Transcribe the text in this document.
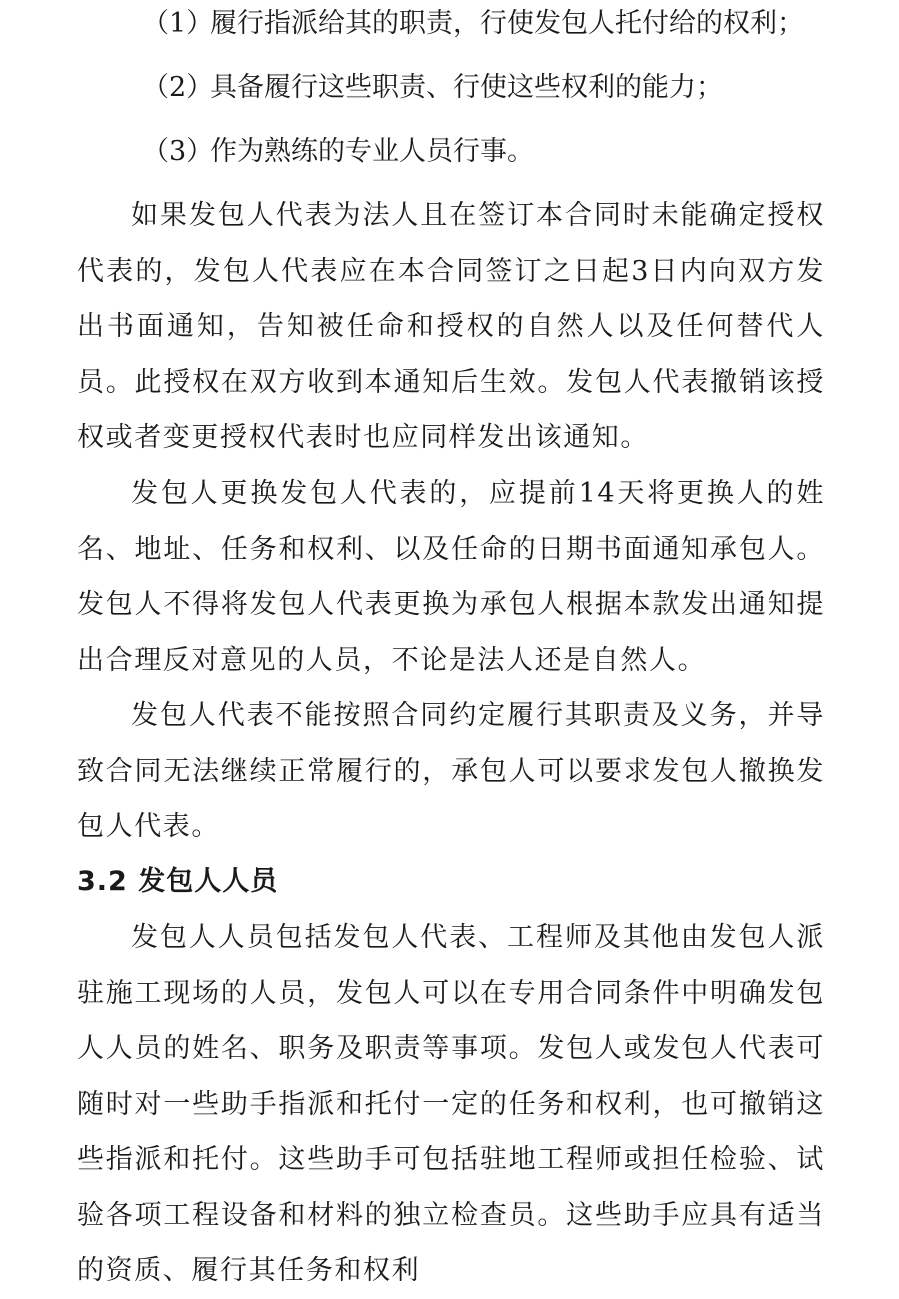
（1）履行指派给其的职责，行使发包人托付给的权利；
（2）具备履行这些职责、行使这些权利的能力；
（3）作为熟练的专业人员行事。

如果发包人代表为法人且在签订本合同时未能确定授权代表的，发包人代表应在本合同签订之日起3日内向双方发出书面通知，告知被任命和授权的自然人以及任何替代人员。此授权在双方收到本通知后生效。发包人代表撤销该授权或者变更授权代表时也应同样发出该通知。

发包人更换发包人代表的，应提前14天将更换人的姓名、地址、任务和权利、以及任命的日期书面通知承包人。发包人不得将发包人代表更换为承包人根据本款发出通知提出合理反对意见的人员，不论是法人还是自然人。

发包人代表不能按照合同约定履行其职责及义务，并导致合同无法继续正常履行的，承包人可以要求发包人撤换发包人代表。

3.2 发包人人员

发包人人员包括发包人代表、工程师及其他由发包人派驻施工现场的人员，发包人可以在专用合同条件中明确发包人人员的姓名、职务及职责等事项。发包人或发包人代表可随时对一些助手指派和托付一定的任务和权利，也可撤销这些指派和托付。这些助手可包括驻地工程师或担任检验、试验各项工程设备和材料的独立检查员。这些助手应具有适当的资质、履行其任务和权利
